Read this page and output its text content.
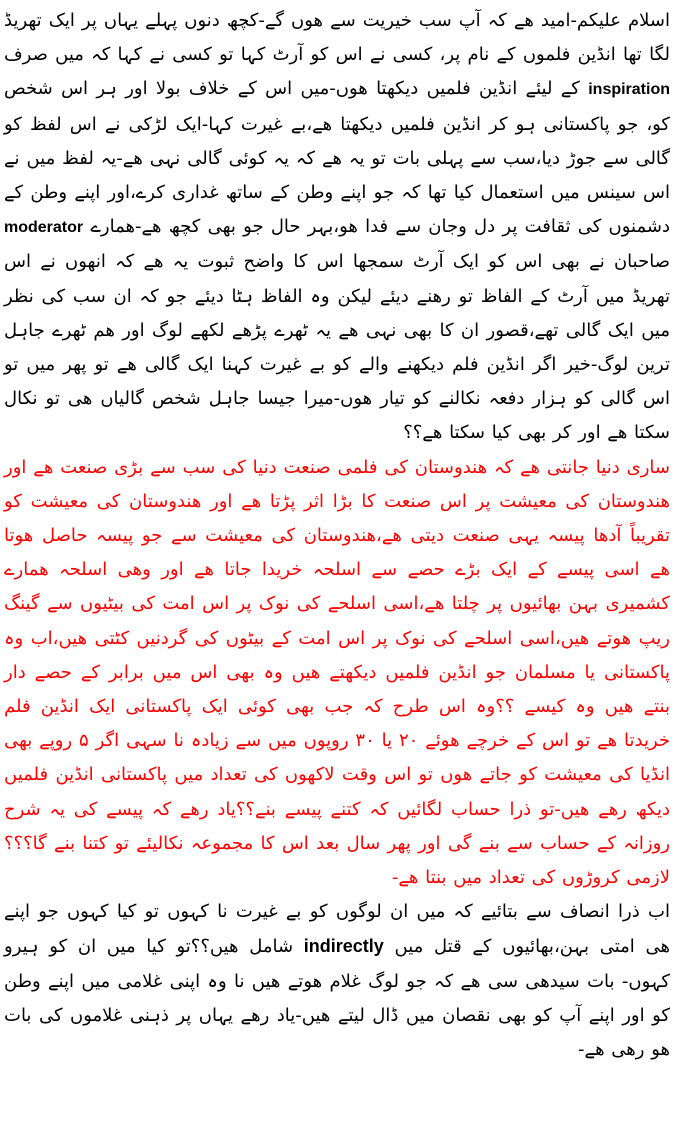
اسلام علیکم-امید ھے کہ آپ سب خیریت سے ھوں گے-کچھ دنوں پہلے یہاں پر ایک تھریڈ لگا تھا انڈین فلموں کے نام پر، کسی نے اس کو آرٹ کہا تو کسی نے کہا کہ میں صرف inspiration کے لیئے انڈین فلمیں دیکھتا ھوں-میں اس کے خلاف بولا اور ہر اس شخص کو، جو پاکستانی ہو کر انڈین فلمیں دیکھتا ھے،بے غیرت کہا-ایک لڑکی نے اس لفظ کو گالی سے جوڑ دیا،سب سے پہلی بات تو یہ ھے کہ یہ کوئی گالی نہی ھے-یہ لفظ میں نے اس سینس میں استعمال کیا تھا کہ جو اپنے وطن کے ساتھ غداری کرے،اور اپنے وطن کے دشمنوں کی ثقافت پر دل وجان سے فدا ھو،بہر حال جو بھی کچھ ھے-ھمارے moderator صاحبان نے بھی اس کو ایک آرٹ سمجھا اس کا واضح ثبوت یہ ھے کہ انھوں نے اس تھریڈ میں آرٹ کے الفاظ تو رھنے دیئے لیکن وہ الفاظ ہٹا دیئے جو کہ ان سب کی نظر میں ایک گالی تھے،قصور ان کا بھی نہی ھے یہ ٹھرے پڑھے لکھے لوگ اور ھم ٹھرے جاہل ترین لوگ-خیر اگر انڈین فلم دیکھنے والے کو بے غیرت کہنا ایک گالی ھے تو پھر میں تو اس گالی کو ہزار دفعہ نکالنے کو تیار ھوں-میرا جیسا جاہل شخص گالیاں ھی تو نکال سکتا ھے اور کر بھی کیا سکتا ھے؟؟

ساری دنیا جانتی ھے کہ ھندوستان کی فلمی صنعت دنیا کی سب سے بڑی صنعت ھے اور ھندوستان کی معیشت پر اس صنعت کا بڑا اثر پڑتا ھے اور ھندوستان کی معیشت کو تقریباً آدھا پیسہ یہی صنعت دیتی ھے،ھندوستان کی معیشت سے جو پیسہ حاصل ھوتا ھے اسی پیسے کے ایک بڑے حصے سے اسلحہ خریدا جاتا ھے اور وھی اسلحہ ھمارے کشمیری بہن بھائیوں پر چلتا ھے،اسی اسلحے کی نوک پر اس امت کی بیٹیوں سے گینگ ریپ ھوتے ھیں،اسی اسلحے کی نوک پر اس امت کے بیٹوں کی گردنیں کٹتی ھیں،اب وہ پاکستانی یا مسلمان جو انڈین فلمیں دیکھتے ھیں وہ بھی اس میں برابر کے حصے دار بنتے ھیں وہ کیسے ؟؟وہ اس طرح کہ جب بھی کوئی ایک پاکستانی ایک انڈین فلم خریدتا ھے تو اس کے خرچے ھوئے ۲۰ یا ۳۰ روپوں میں سے زیادہ نا سہی اگر ۵ روپے بھی انڈیا کی معیشت کو جاتے ھوں تو اس وقت لاکھوں کی تعداد میں پاکستانی انڈین فلمیں دیکھ رھے ھیں-تو ذرا حساب لگائیں کہ کتنے پیسے بنے؟؟یاد رھے کہ پیسے کی یہ شرح روزانہ کے حساب سے بنے گی اور پھر سال بعد اس کا مجموعہ نکالیئے تو کتنا بنے گا؟؟؟لازمی کروڑوں کی تعداد میں بنتا ھے-

اب ذرا انصاف سے بتائیے کہ میں ان لوگوں کو بے غیرت نا کہوں تو کیا کہوں جو اپنے ھی امتی بہن،بھائیوں کے قتل میں indirectly شامل ھیں؟؟تو کیا میں ان کو ہیرو کہوں- بات سیدھی سی ھے کہ جو لوگ غلام ھوتے ھیں نا وہ اپنی غلامی میں اپنے وطن کو اور اپنے آپ کو بھی نقصان میں ڈال لیتے ھیں-یاد رھے یہاں پر ذہنی غلاموں کی بات ھو رھی ھے-
